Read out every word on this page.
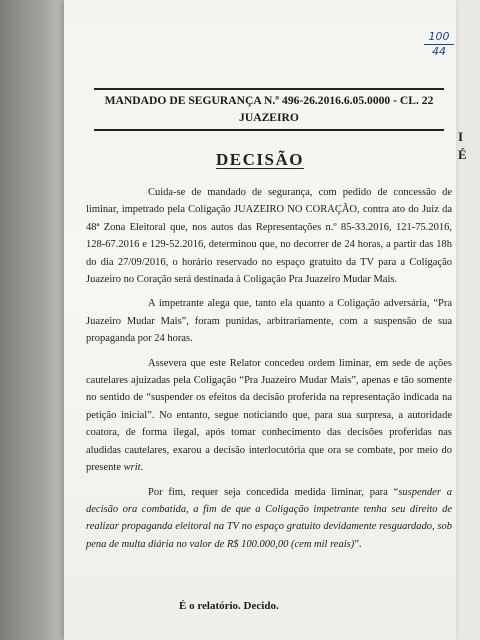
I
É
100
44
MANDADO DE SEGURANÇA N.º 496-26.2016.6.05.0000 - CL. 22
JUAZEIRO
DECISÃO

Cuida-se de mandado de segurança, com pedido de concessão de liminar, impetrado pela Coligação JUAZEIRO NO CORAÇÃO, contra ato do Juiz da 48ª Zona Eleitoral que, nos autos das Representações n.º 85-33.2016, 121-75.2016, 128-67.2016 e 129-52.2016, determinou que, no decorrer de 24 horas, a partir das 18h do dia 27/09/2016, o horário reservado no espaço gratuito da TV para a Coligação Juazeiro no Coração será destinada à Coligação Pra Juazeiro Mudar Mais.

A impetrante alega que, tanto ela quanto a Coligação adversária, “Pra Juazeiro Mudar Mais”, foram punidas, arbitrariamente, com a suspensão de sua propaganda por 24 horas.

Assevera que este Relator concedeu ordem liminar, em sede de ações cautelares ajuizadas pela Coligação “Pra Juazeiro Mudar Mais”, apenas e tão somente no sentido de “suspender os efeitos da decisão proferida na representação indicada na petição inicial”. No entanto, segue noticiando que, para sua surpresa, a autoridade coatora, de forma ilegal, após tomar conhecimento das decisões proferidas nas aludidas cautelares, exarou a decisão interlocutória que ora se combate, por meio do presente writ.

Por fim, requer seja concedida medida liminar, para “suspender a decisão ora combatida, a fim de que a Coligação impetrante tenha seu direito de realizar propaganda eleitoral na TV no espaço gratuito devidamente resguardado, sob pena de multa diária no valor de R$ 100.000,00 (cem mil reais)”.

É o relatório. Decido.
